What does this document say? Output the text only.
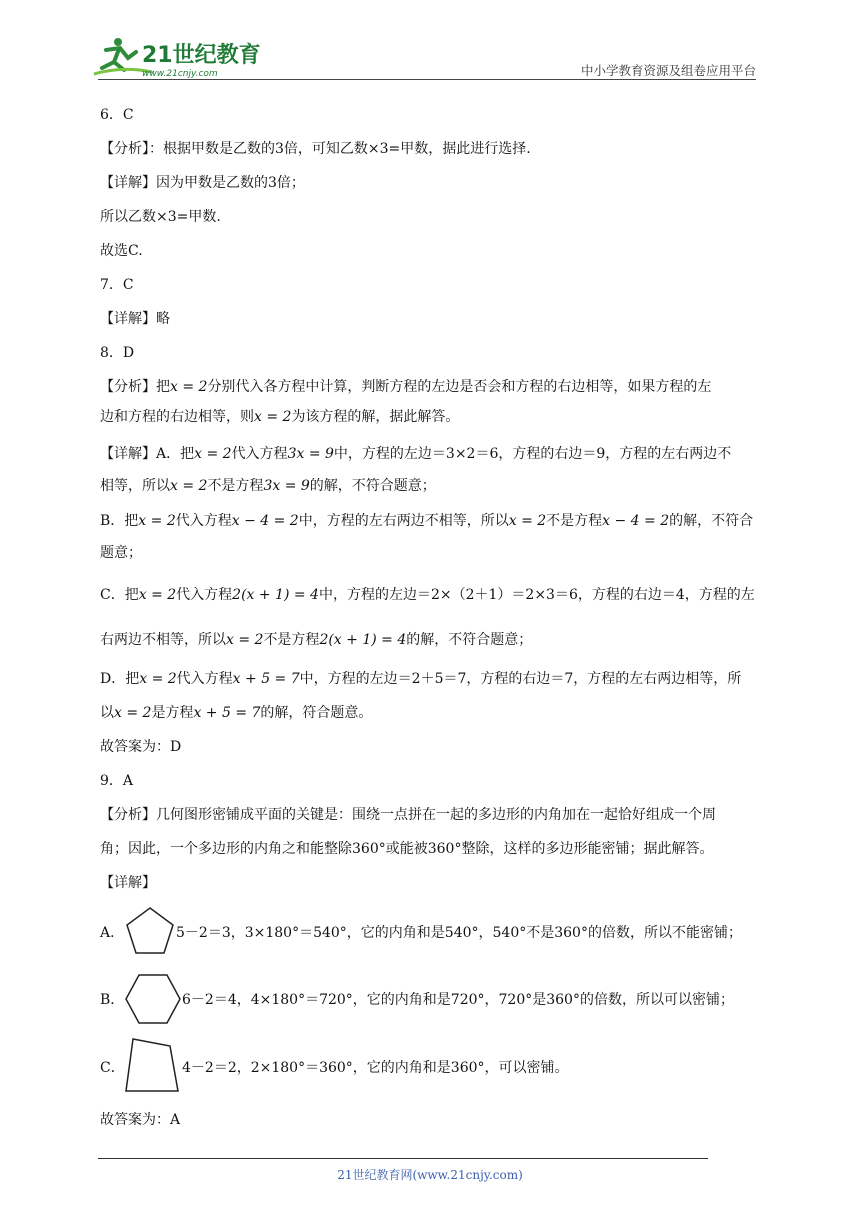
21世纪教育
www.21cnjy.com	中小学教育资源及组卷应用平台
6．C
【分析】：根据甲数是乙数的3倍，可知乙数×3=甲数，据此进行选择.
【详解】因为甲数是乙数的3倍；
所以乙数×3=甲数.
故选C.
7．C
【详解】略
8．D
【分析】把x = 2分别代入各方程中计算，判断方程的左边是否会和方程的右边相等，如果方程的左
边和方程的右边相等，则x = 2为该方程的解，据此解答。
【详解】A．把x = 2代入方程3x = 9中，方程的左边＝3×2＝6，方程的右边＝9，方程的左右两边不
相等，所以x = 2不是方程3x = 9的解，不符合题意；
B．把x = 2代入方程x − 4 = 2中，方程的左右两边不相等，所以x = 2不是方程x − 4 = 2的解，不符合
题意；
C．把x = 2代入方程2(x + 1) = 4中，方程的左边＝2×（2＋1）＝2×3＝6，方程的右边＝4，方程的左
右两边不相等，所以x = 2不是方程2(x + 1) = 4的解，不符合题意；
D．把x = 2代入方程x + 5 = 7中，方程的左边＝2＋5＝7，方程的右边＝7，方程的左右两边相等，所
以x = 2是方程x + 5 = 7的解，符合题意。
故答案为：D
9．A
【分析】几何图形密铺成平面的关键是：围绕一点拼在一起的多边形的内角加在一起恰好组成一个周
角；因此，一个多边形的内角之和能整除360°或能被360°整除，这样的多边形能密铺；据此解答。
【详解】
A．	5－2＝3，3×180°＝540°，它的内角和是540°，540°不是360°的倍数，所以不能密铺；
B．	6－2＝4，4×180°＝720°，它的内角和是720°，720°是360°的倍数，所以可以密铺；
C．	4－2＝2，2×180°＝360°，它的内角和是360°，可以密铺。
故答案为：A
21世纪教育网(www.21cnjy.com)
